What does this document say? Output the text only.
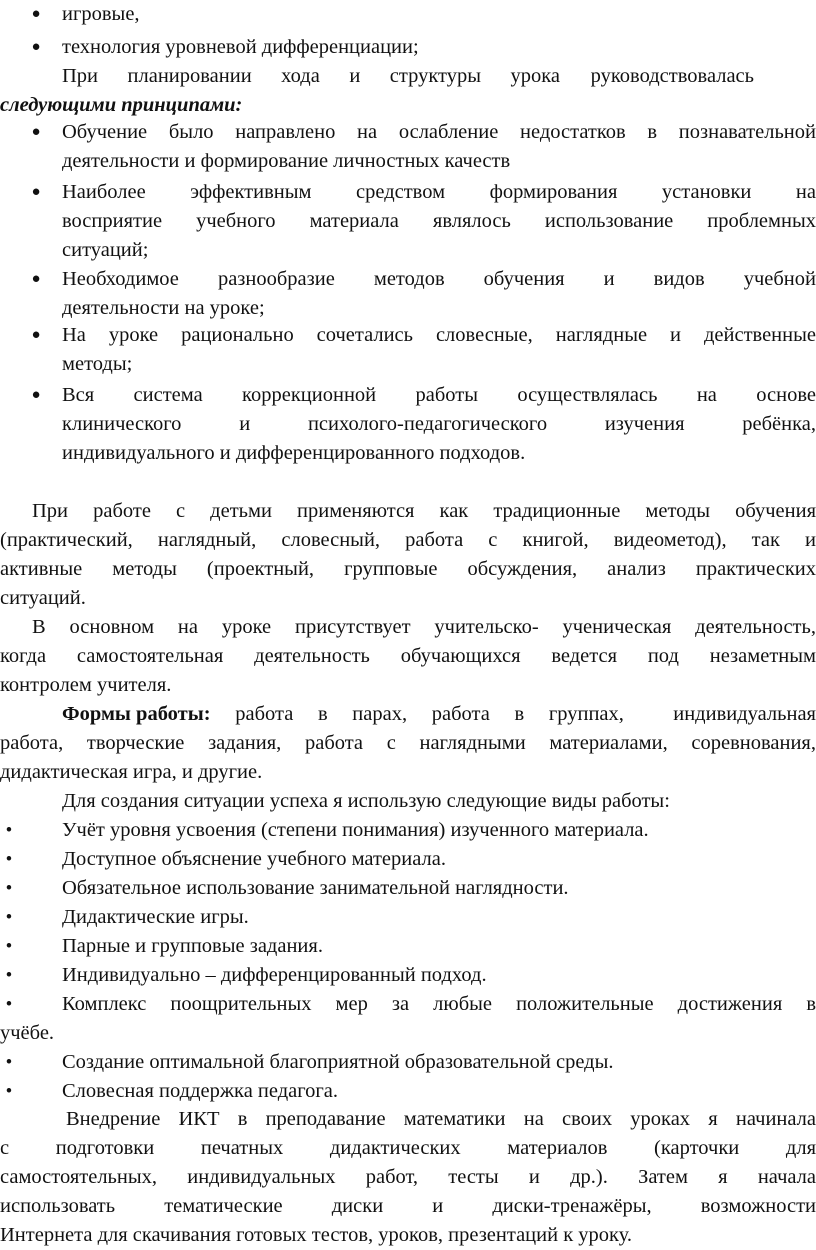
● игровые,
● технология уровневой дифференциации;
При планировании хода и структуры урока руководствовалась
следующими принципами:
● Обучение было направлено на ослабление недостатков в познавательной
деятельности и формирование личностных качеств
● Наиболее эффективным средством формирования установки на
восприятие учебного материала являлось использование проблемных
ситуаций;
● Необходимое разнообразие методов обучения и видов учебной
деятельности на уроке;
● На уроке рационально сочетались словесные, наглядные и действенные
методы;
● Вся система коррекционной работы осуществлялась на основе
клинического и психолого-педагогического изучения ребёнка,
индивидуального и дифференцированного подходов.
При работе с детьми применяются как традиционные методы обучения
(практический, наглядный, словесный, работа с книгой, видеометод), так и
активные методы (проектный, групповые обсуждения, анализ практических
ситуаций.
В основном на уроке присутствует учительско- ученическая деятельность,
когда самостоятельная деятельность обучающихся ведется под незаметным
контролем учителя.
Формы работы: работа в парах, работа в группах,  индивидуальная
работа, творческие задания, работа с наглядными материалами, соревнования,
дидактическая игра, и другие.
Для создания ситуации успеха я использую следующие виды работы:
• Учёт уровня усвоения (степени понимания) изученного материала.
• Доступное объяснение учебного материала.
• Обязательное использование занимательной наглядности.
• Дидактические игры.
• Парные и групповые задания.
• Индивидуально – дифференцированный подход.
• Комплекс поощрительных мер за любые положительные достижения в
учёбе.
• Создание оптимальной благоприятной образовательной среды.
• Словесная поддержка педагога.
Внедрение ИКТ в преподавание математики на своих уроках я начинала
с подготовки печатных дидактических материалов (карточки для
самостоятельных, индивидуальных работ, тесты и др.). Затем я начала
использовать тематические диски и диски-тренажёры, возможности
Интернета для скачивания готовых тестов, уроков, презентаций к уроку.
